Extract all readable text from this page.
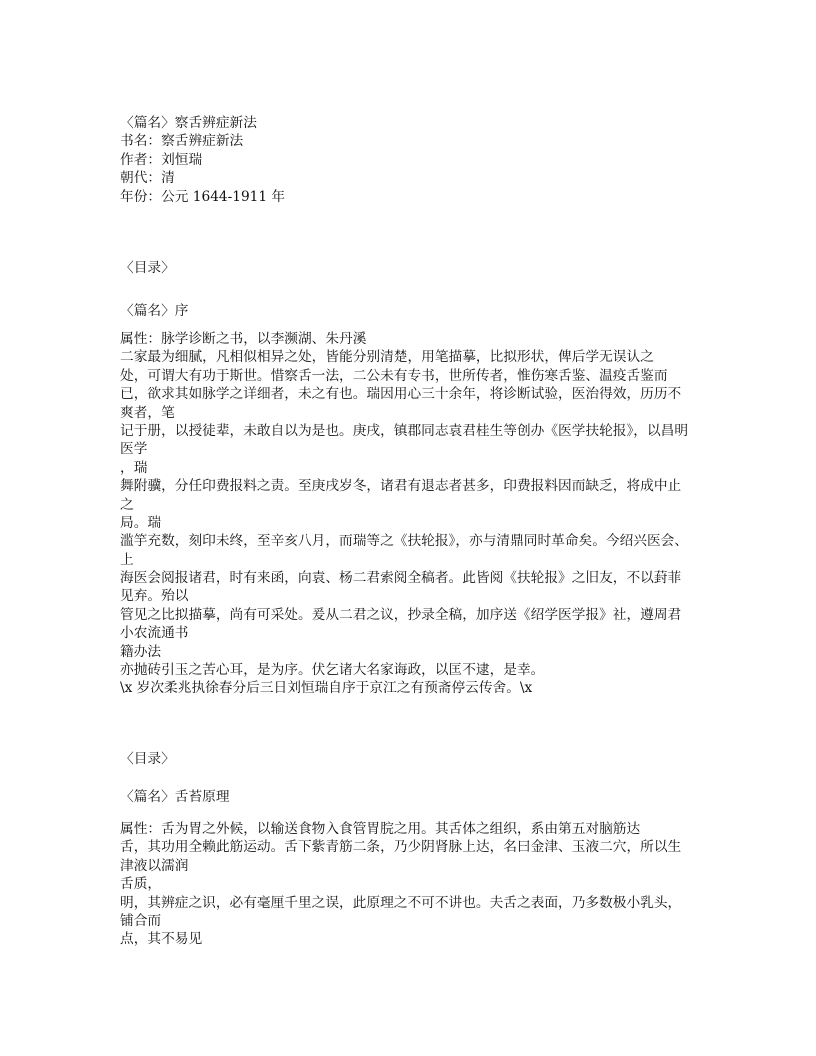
〈篇名〉察舌辨症新法
书名：察舌辨症新法
作者：刘恒瑞
朝代：清
年份：公元 1644-1911 年
〈目录〉
〈篇名〉序
属性：脉学诊断之书，以李濒湖、朱丹溪
二家最为细腻，凡相似相异之处，皆能分别清楚，用笔描摹，比拟形状，俾后学无误认之
处，可谓大有功于斯世。惜察舌一法，二公未有专书，世所传者，惟伤寒舌鉴、温疫舌鉴而
已，欲求其如脉学之详细者，未之有也。瑞因用心三十余年，将诊断试验，医治得效，历历不
爽者，笔
记于册，以授徒辈，未敢自以为是也。庚戌，镇郡同志袁君桂生等创办《医学扶轮报》，以昌明
医学
，瑞
舞附骥，分任印费报料之责。至庚戌岁冬，诸君有退志者甚多，印费报料因而缺乏，将成中止
之
局。瑞
滥竽充数，刻印未终，至辛亥八月，而瑞等之《扶轮报》，亦与清鼎同时革命矣。今绍兴医会、
上
海医会阅报诸君，时有来函，向袁、杨二君索阅全稿者。此皆阅《扶轮报》之旧友，不以葑菲
见弃。殆以
管见之比拟描摹，尚有可采处。爰从二君之议，抄录全稿，加序送《绍学医学报》社，遵周君
小农流通书
籍办法
亦抛砖引玉之苦心耳，是为序。伏乞诸大名家诲政，以匡不逮，是幸。
\x 岁次柔兆执徐春分后三日刘恒瑞自序于京江之有预斋停云传舍。\x
〈目录〉
〈篇名〉舌苔原理
属性：舌为胃之外候，以输送食物入食管胃脘之用。其舌体之组织，系由第五对脑筋达
舌，其功用全赖此筋运动。舌下紫青筋二条，乃少阴肾脉上达，名曰金津、玉液二穴，所以生
津液以濡润
舌质，
明，其辨症之识，必有毫厘千里之误，此原理之不可不讲也。夫舌之表面，乃多数极小乳头，
铺合而
点，其不易见
